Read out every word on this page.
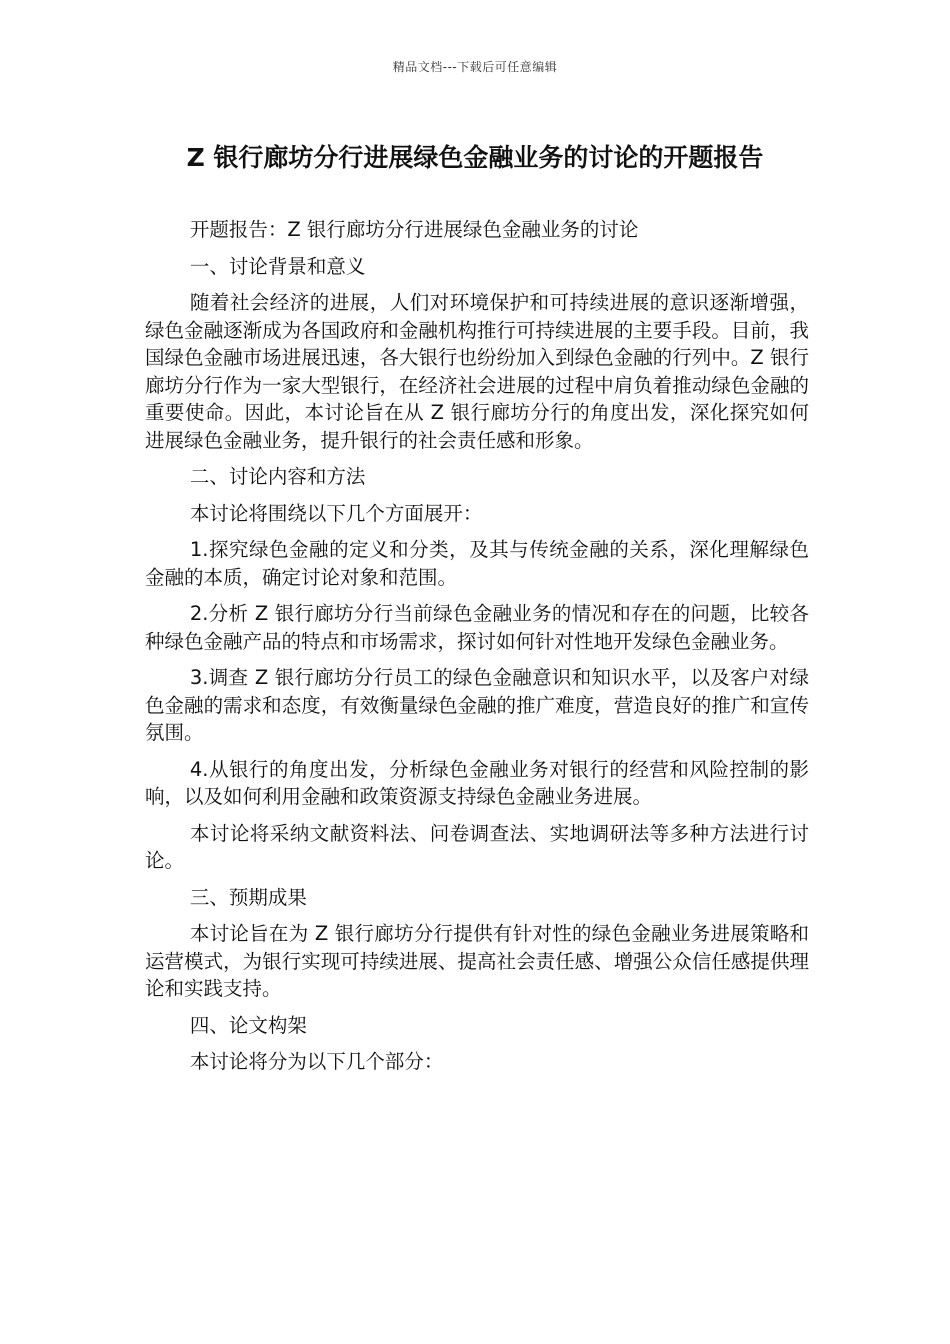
精品文档---下载后可任意编辑
Z 银行廊坊分行进展绿色金融业务的讨论的开题报告

开题报告：Z 银行廊坊分行进展绿色金融业务的讨论

一、讨论背景和意义

随着社会经济的进展，人们对环境保护和可持续进展的意识逐渐增强，绿色金融逐渐成为各国政府和金融机构推行可持续进展的主要手段。目前，我国绿色金融市场进展迅速，各大银行也纷纷加入到绿色金融的行列中。Z 银行廊坊分行作为一家大型银行，在经济社会进展的过程中肩负着推动绿色金融的重要使命。因此，本讨论旨在从 Z 银行廊坊分行的角度出发，深化探究如何进展绿色金融业务，提升银行的社会责任感和形象。

二、讨论内容和方法

本讨论将围绕以下几个方面展开：

1.探究绿色金融的定义和分类，及其与传统金融的关系，深化理解绿色金融的本质，确定讨论对象和范围。

2.分析 Z 银行廊坊分行当前绿色金融业务的情况和存在的问题，比较各种绿色金融产品的特点和市场需求，探讨如何针对性地开发绿色金融业务。

3.调查 Z 银行廊坊分行员工的绿色金融意识和知识水平，以及客户对绿色金融的需求和态度，有效衡量绿色金融的推广难度，营造良好的推广和宣传氛围。

4.从银行的角度出发，分析绿色金融业务对银行的经营和风险控制的影响，以及如何利用金融和政策资源支持绿色金融业务进展。

本讨论将采纳文献资料法、问卷调查法、实地调研法等多种方法进行讨论。

三、预期成果

本讨论旨在为 Z 银行廊坊分行提供有针对性的绿色金融业务进展策略和运营模式，为银行实现可持续进展、提高社会责任感、增强公众信任感提供理论和实践支持。

四、论文构架

本讨论将分为以下几个部分：
